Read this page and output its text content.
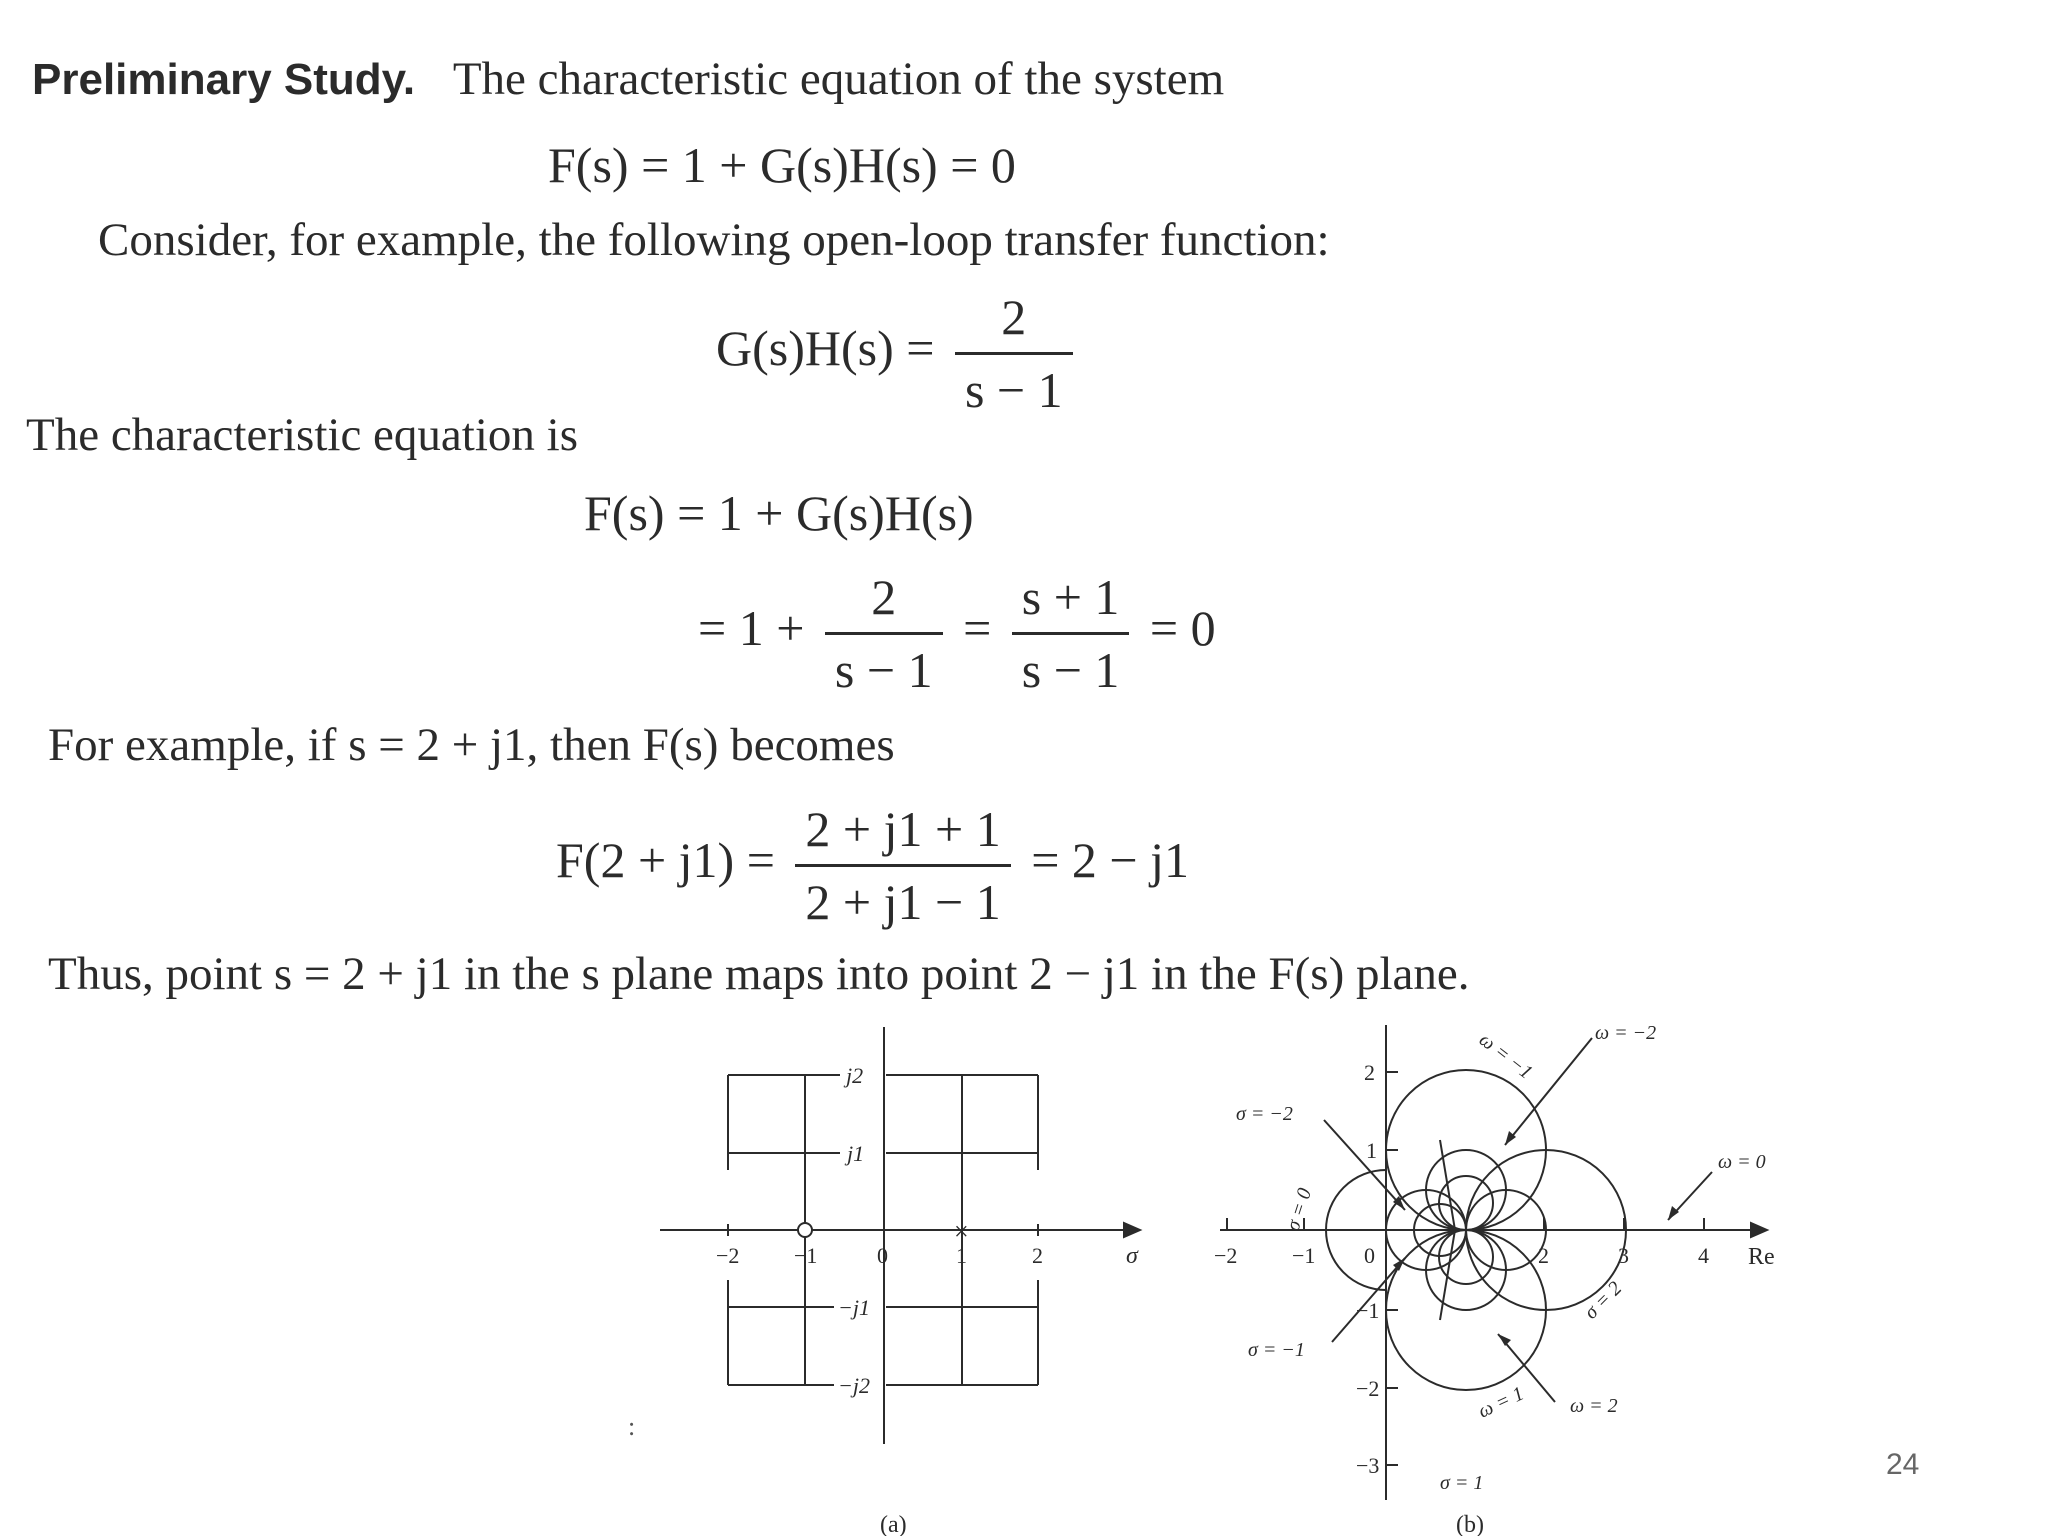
Preliminary Study. The characteristic equation of the system
F(s) = 1 + G(s)H(s) = 0
Consider, for example, the following open-loop transfer function:
$G(s)H(s) = \frac{2}{s - 1}$
The characteristic equation is
F(s) = 1 + G(s)H(s)
= $1 + \frac{2}{s - 1} = \frac{s + 1}{s - 1} = 0$
For example, if s = 2 + j1, then F(s) becomes
$F(2 + j1) = \frac{2 + j1 + 1}{2 + j1 - 1} = 2 - j1$
Thus, point s = 2 + j1 in the s plane maps into point 2 − j1 in the F(s) plane.
×
−2 −1	0	1	2	σ
j2
j1
−j1
−j2
(a)
−2 −1 0	2	3	4 Re
2
1
−1
−2
−3
ω = −2
ω = −1
ω = 0
ω = 1 ω = 2
σ = −2
σ = 0
σ = −1
σ = 2
σ = 1
(b)
:
24
